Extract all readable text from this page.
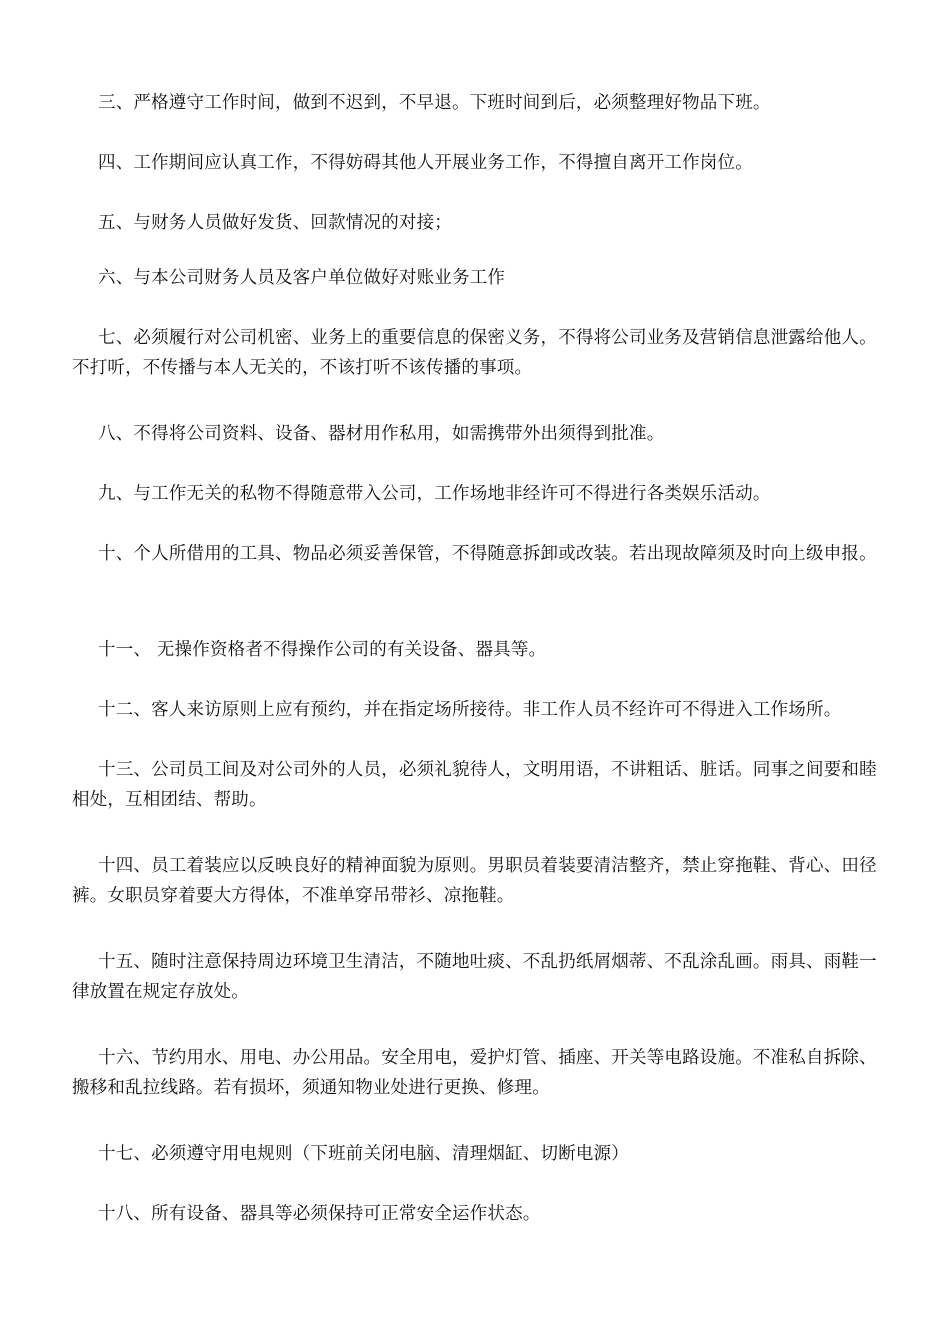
三、严格遵守工作时间，做到不迟到，不早退。下班时间到后，必须整理好物品下班。

四、工作期间应认真工作，不得妨碍其他人开展业务工作，不得擅自离开工作岗位。

五、与财务人员做好发货、回款情况的对接；

六、与本公司财务人员及客户单位做好对账业务工作

七、必须履行对公司机密、业务上的重要信息的保密义务，不得将公司业务及营销信息泄露给他人。不打听，不传播与本人无关的，不该打听不该传播的事项。

八、不得将公司资料、设备、器材用作私用，如需携带外出须得到批准。

九、与工作无关的私物不得随意带入公司，工作场地非经许可不得进行各类娱乐活动。

十、个人所借用的工具、物品必须妥善保管，不得随意拆卸或改装。若出现故障须及时向上级申报。

十一、 无操作资格者不得操作公司的有关设备、器具等。

十二、客人来访原则上应有预约，并在指定场所接待。非工作人员不经许可不得进入工作场所。

十三、公司员工间及对公司外的人员，必须礼貌待人，文明用语，不讲粗话、脏话。同事之间要和睦相处，互相团结、帮助。

十四、员工着装应以反映良好的精神面貌为原则。男职员着装要清洁整齐，禁止穿拖鞋、背心、田径裤。女职员穿着要大方得体，不准单穿吊带衫、凉拖鞋。

十五、随时注意保持周边环境卫生清洁，不随地吐痰、不乱扔纸屑烟蒂、不乱涂乱画。雨具、雨鞋一律放置在规定存放处。

十六、节约用水、用电、办公用品。安全用电，爱护灯管、插座、开关等电路设施。不准私自拆除、搬移和乱拉线路。若有损坏，须通知物业处进行更换、修理。

十七、必须遵守用电规则（下班前关闭电脑、清理烟缸、切断电源）

十八、所有设备、器具等必须保持可正常安全运作状态。
